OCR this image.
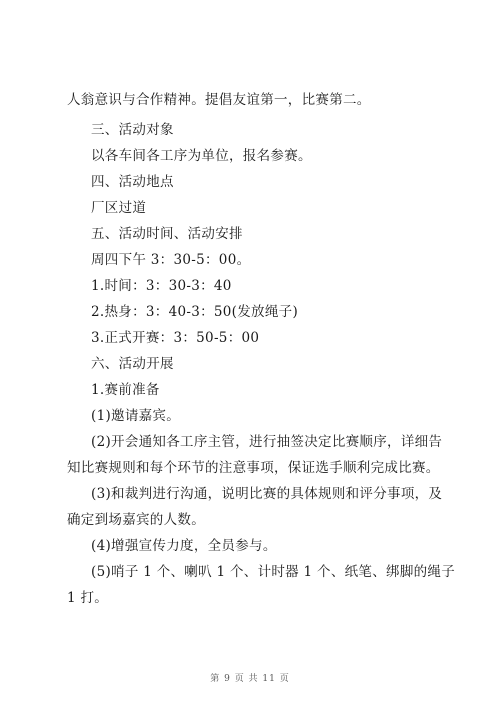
人翁意识与合作精神。提倡友谊第一，比赛第二。
三、活动对象
以各车间各工序为单位，报名参赛。
四、活动地点
厂区过道
五、活动时间、活动安排
周四下午 3：30-5：00。
1.时间：3：30-3：40
2.热身：3：40-3：50(发放绳子)
3.正式开赛：3：50-5：00
六、活动开展
1.赛前准备
(1)邀请嘉宾。
(2)开会通知各工序主管，进行抽签决定比赛顺序，详细告
知比赛规则和每个环节的注意事项，保证选手顺利完成比赛。
(3)和裁判进行沟通，说明比赛的具体规则和评分事项，及
确定到场嘉宾的人数。
(4)增强宣传力度，全员参与。
(5)哨子 1 个、喇叭 1 个、计时器 1 个、纸笔、绑脚的绳子
1 打。
第 9 页 共 11 页
